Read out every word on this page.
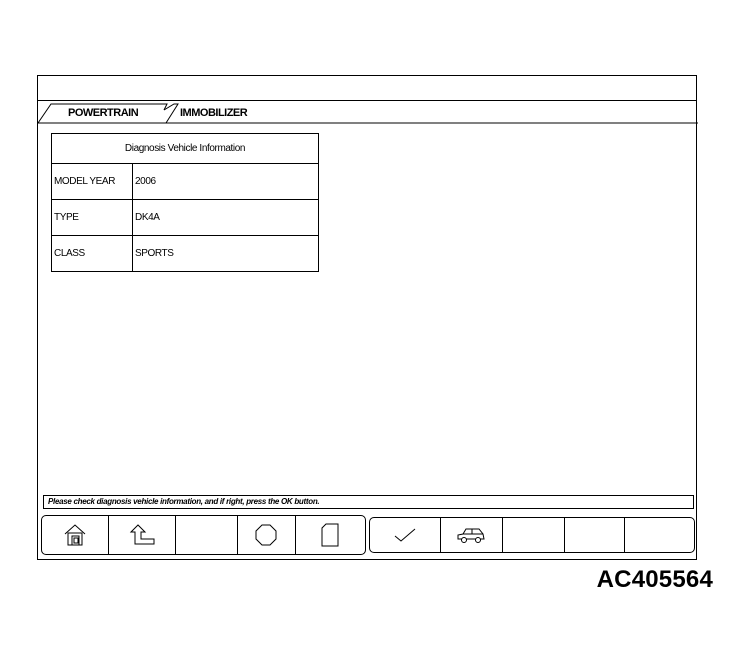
POWERTRAIN	IMMOBILIZER
Diagnosis Vehicle Information	
MODEL YEAR	2006
TYPE	DK4A
CLASS	SPORTS
Please check diagnosis vehicle information, and if right, press the OK button.
AC405564
